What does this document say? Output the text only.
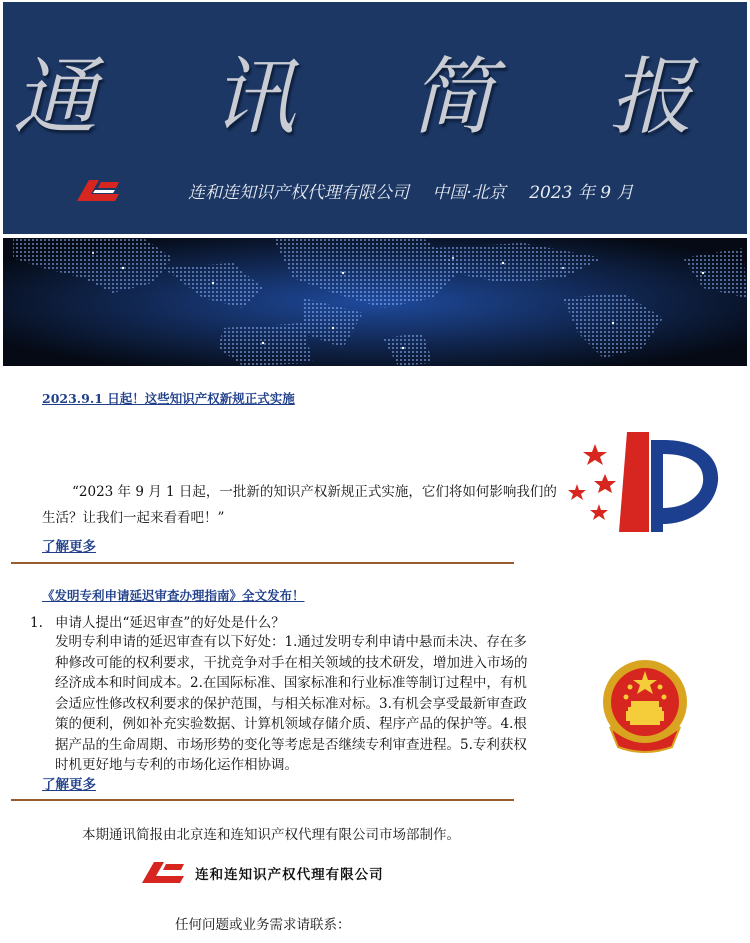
通 讯 简 报
连和连知识产权代理有限公司 中国·北京 2023 年 9 月
2023.9.1 日起！这些知识产权新规正式实施
“2023 年 9 月 1 日起，一批新的知识产权新规正式实施，它们将如何影响我们的
生活？让我们一起来看看吧！”
了解更多
《发明专利申请延迟审查办理指南》全文发布！
1. 申请人提出“延迟审查”的好处是什么？
发明专利申请的延迟审查有以下好处：1.通过发明专利申请中悬而未决、存在多
种修改可能的权利要求，干扰竞争对手在相关领域的技术研发，增加进入市场的
经济成本和时间成本。2.在国际标准、国家标准和行业标准等制订过程中，有机
会适应性修改权利要求的保护范围，与相关标准对标。3.有机会享受最新审查政
策的便利，例如补充实验数据、计算机领域存储介质、程序产品的保护等。4.根
据产品的生命周期、市场形势的变化等考虑是否继续专利审查进程。5.专利获权
时机更好地与专利的市场化运作相协调。
了解更多
本期通讯简报由北京连和连知识产权代理有限公司市场部制作。
连和连知识产权代理有限公司
任何问题或业务需求请联系：
